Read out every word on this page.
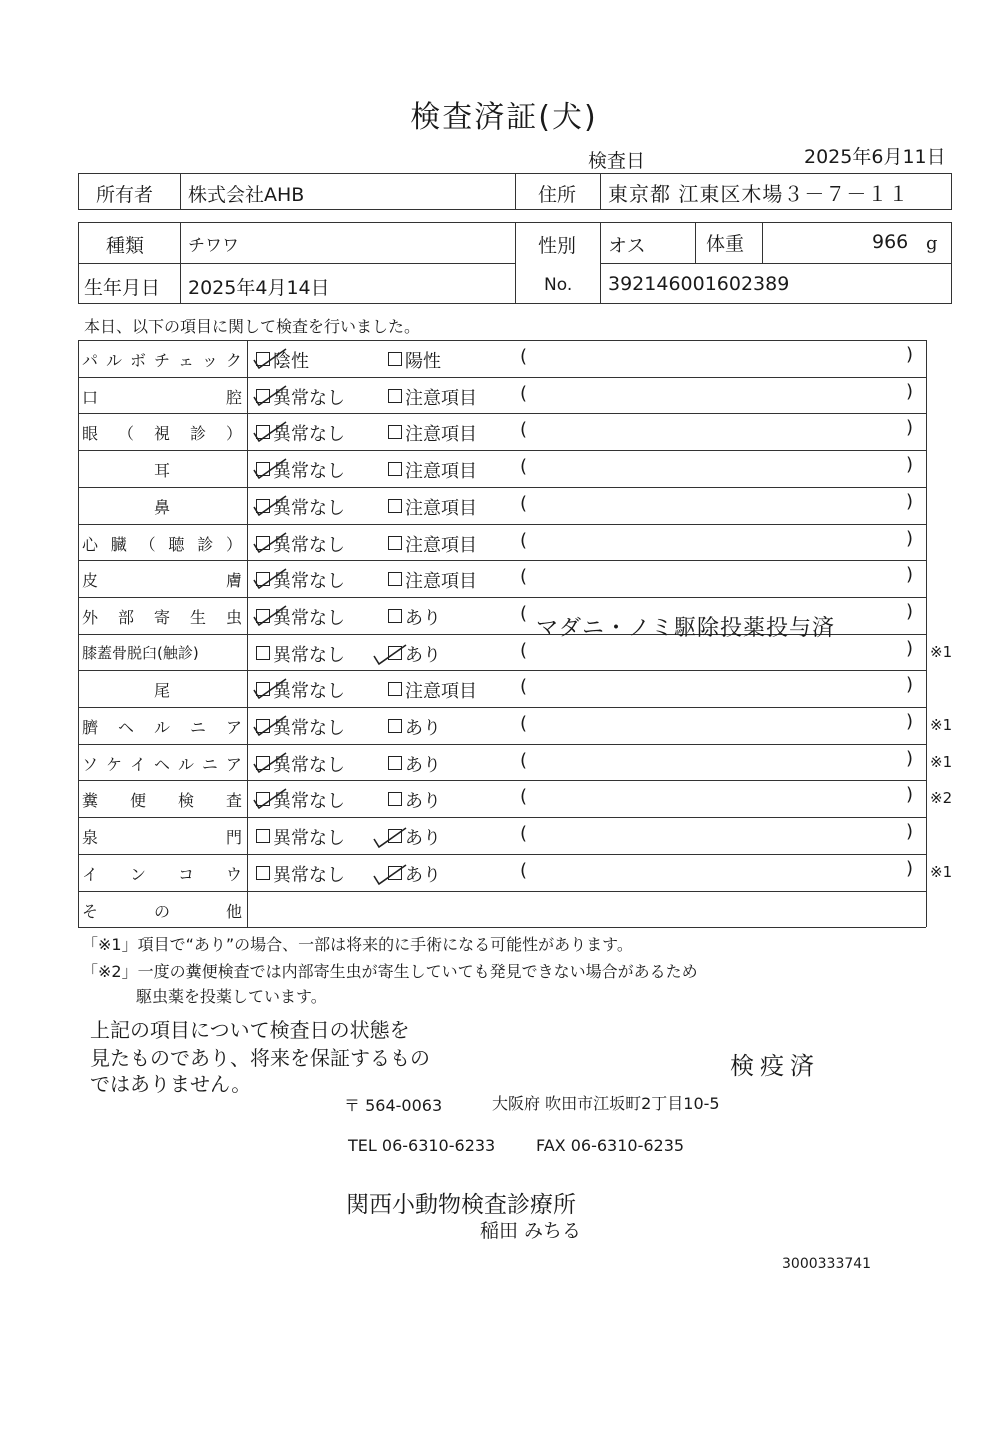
検査済証(犬)
検査日	2025年6月11日
所有者 株式会社AHB	住所 東京都 江東区木場３－７－１１
種類	チワワ	性別 オス	体重	966 g
生年月日 2025年4月14日	No. 392146001602389
本日、以下の項目に関して検査を行いました。
パ ル ボ チ ェ ッ ク 陰性	陽性	(	)
口	腔 異常なし	注意項目 (	)
眼 （ 視 診 ） 異常なし	注意項目 (	)
耳	異常なし	注意項目 (	)
鼻	異常なし	注意項目 (	)
心 臓 （ 聴 診 ） 異常なし	注意項目 (	)
皮	膚 異常なし	注意項目 (	)
外 部 寄 生 虫 異常なし	あり	(	)
マダニ・ノミ駆除投薬投与済
膝蓋骨脱臼(触診)	異常なし	あり	(	) ※1
尾	異常なし	注意項目 (	)
臍 ヘ ル ニ ア 異常なし	あり	(	) ※1
ソ ケ イ ヘ ル ニ ア 異常なし	あり	(	) ※1
糞 便 検 査 異常なし	あり	(	) ※2
泉	門 異常なし	あり	(	)
イ ン コ ウ 異常なし	あり	(	) ※1
そ	の	他
「※1」項目で“あり”の場合、一部は将来的に手術になる可能性があります。
「※2」一度の糞便検査では内部寄生虫が寄生していても発見できない場合があるため
駆虫薬を投薬しています。
上記の項目について検査日の状態を
見たものであり、将来を保証するもの
ではありません。
検疫済
〒 564-0063	大阪府 吹田市江坂町2丁目10-5
TEL 06-6310-6233	FAX 06-6310-6235
関西小動物検査診療所
稲田 みちる
3000333741
